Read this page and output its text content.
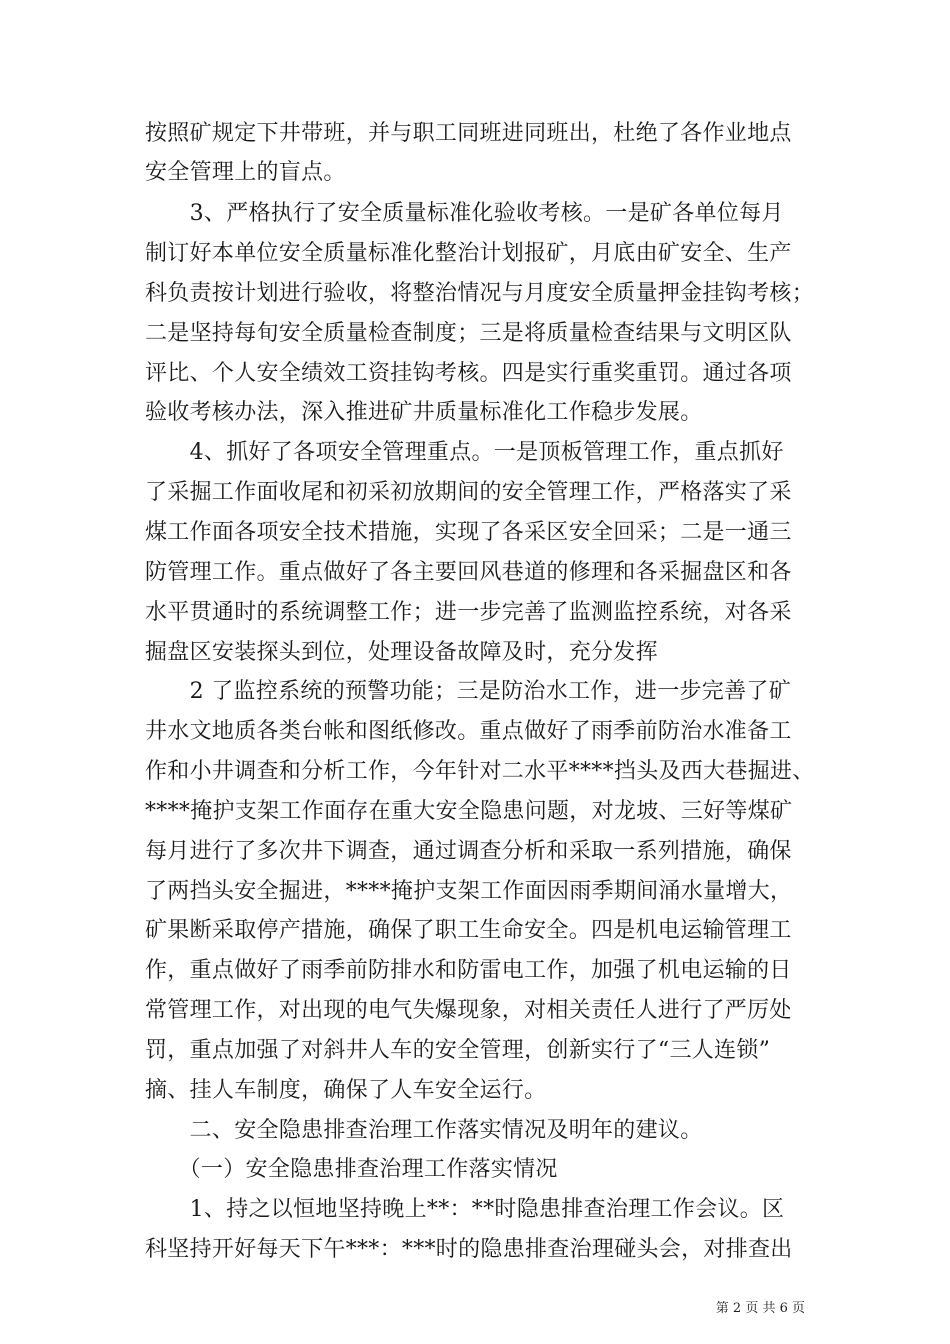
按照矿规定下井带班，并与职工同班进同班出，杜绝了各作业地点
安全管理上的盲点。
　　3、严格执行了安全质量标准化验收考核。一是矿各单位每月
制订好本单位安全质量标准化整治计划报矿，月底由矿安全、生产
科负责按计划进行验收，将整治情况与月度安全质量押金挂钩考核；
二是坚持每旬安全质量检查制度；三是将质量检查结果与文明区队
评比、个人安全绩效工资挂钩考核。四是实行重奖重罚。通过各项
验收考核办法，深入推进矿井质量标准化工作稳步发展。
　　4、抓好了各项安全管理重点。一是顶板管理工作，重点抓好
了采掘工作面收尾和初采初放期间的安全管理工作，严格落实了采
煤工作面各项安全技术措施，实现了各采区安全回采；二是一通三
防管理工作。重点做好了各主要回风巷道的修理和各采掘盘区和各
水平贯通时的系统调整工作；进一步完善了监测监控系统，对各采
掘盘区安装探头到位，处理设备故障及时，充分发挥
　　2 了监控系统的预警功能；三是防治水工作，进一步完善了矿
井水文地质各类台帐和图纸修改。重点做好了雨季前防治水准备工
作和小井调查和分析工作，今年针对二水平****挡头及西大巷掘进、
****掩护支架工作面存在重大安全隐患问题，对龙坡、三好等煤矿
每月进行了多次井下调查，通过调查分析和采取一系列措施，确保
了两挡头安全掘进，****掩护支架工作面因雨季期间涌水量增大，
矿果断采取停产措施，确保了职工生命安全。四是机电运输管理工
作，重点做好了雨季前防排水和防雷电工作，加强了机电运输的日
常管理工作，对出现的电气失爆现象，对相关责任人进行了严厉处
罚，重点加强了对斜井人车的安全管理，创新实行了“三人连锁”
摘、挂人车制度，确保了人车安全运行。
　　二、安全隐患排查治理工作落实情况及明年的建议。
　　（一）安全隐患排查治理工作落实情况
　　1、持之以恒地坚持晚上**：**时隐患排查治理工作会议。区
科坚持开好每天下午***：***时的隐患排查治理碰头会，对排查出
第 2 页 共 6 页
